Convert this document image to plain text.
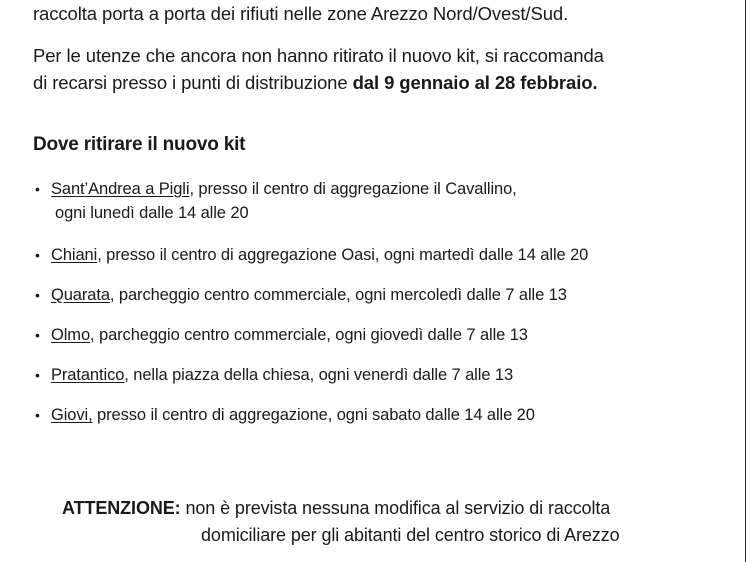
raccolta porta a porta dei rifiuti nelle zone Arezzo Nord/Ovest/Sud.
Per le utenze che ancora non hanno ritirato il nuovo kit, si raccomanda
di recarsi presso i punti di distribuzione dal 9 gennaio al 28 febbraio.
Dove ritirare il nuovo kit
• Sant’Andrea a Pigli, presso il centro di aggregazione il Cavallino,
ogni lunedì dalle 14 alle 20
• Chiani, presso il centro di aggregazione Oasi, ogni martedì dalle 14 alle 20
• Quarata, parcheggio centro commerciale, ogni mercoledì dalle 7 alle 13
• Olmo, parcheggio centro commerciale, ogni giovedì dalle 7 alle 13
• Pratantico, nella piazza della chiesa, ogni venerdì dalle 7 alle 13
• Giovi, presso il centro di aggregazione, ogni sabato dalle 14 alle 20
ATTENZIONE: non è prevista nessuna modifica al servizio di raccolta
domiciliare per gli abitanti del centro storico di Arezzo
